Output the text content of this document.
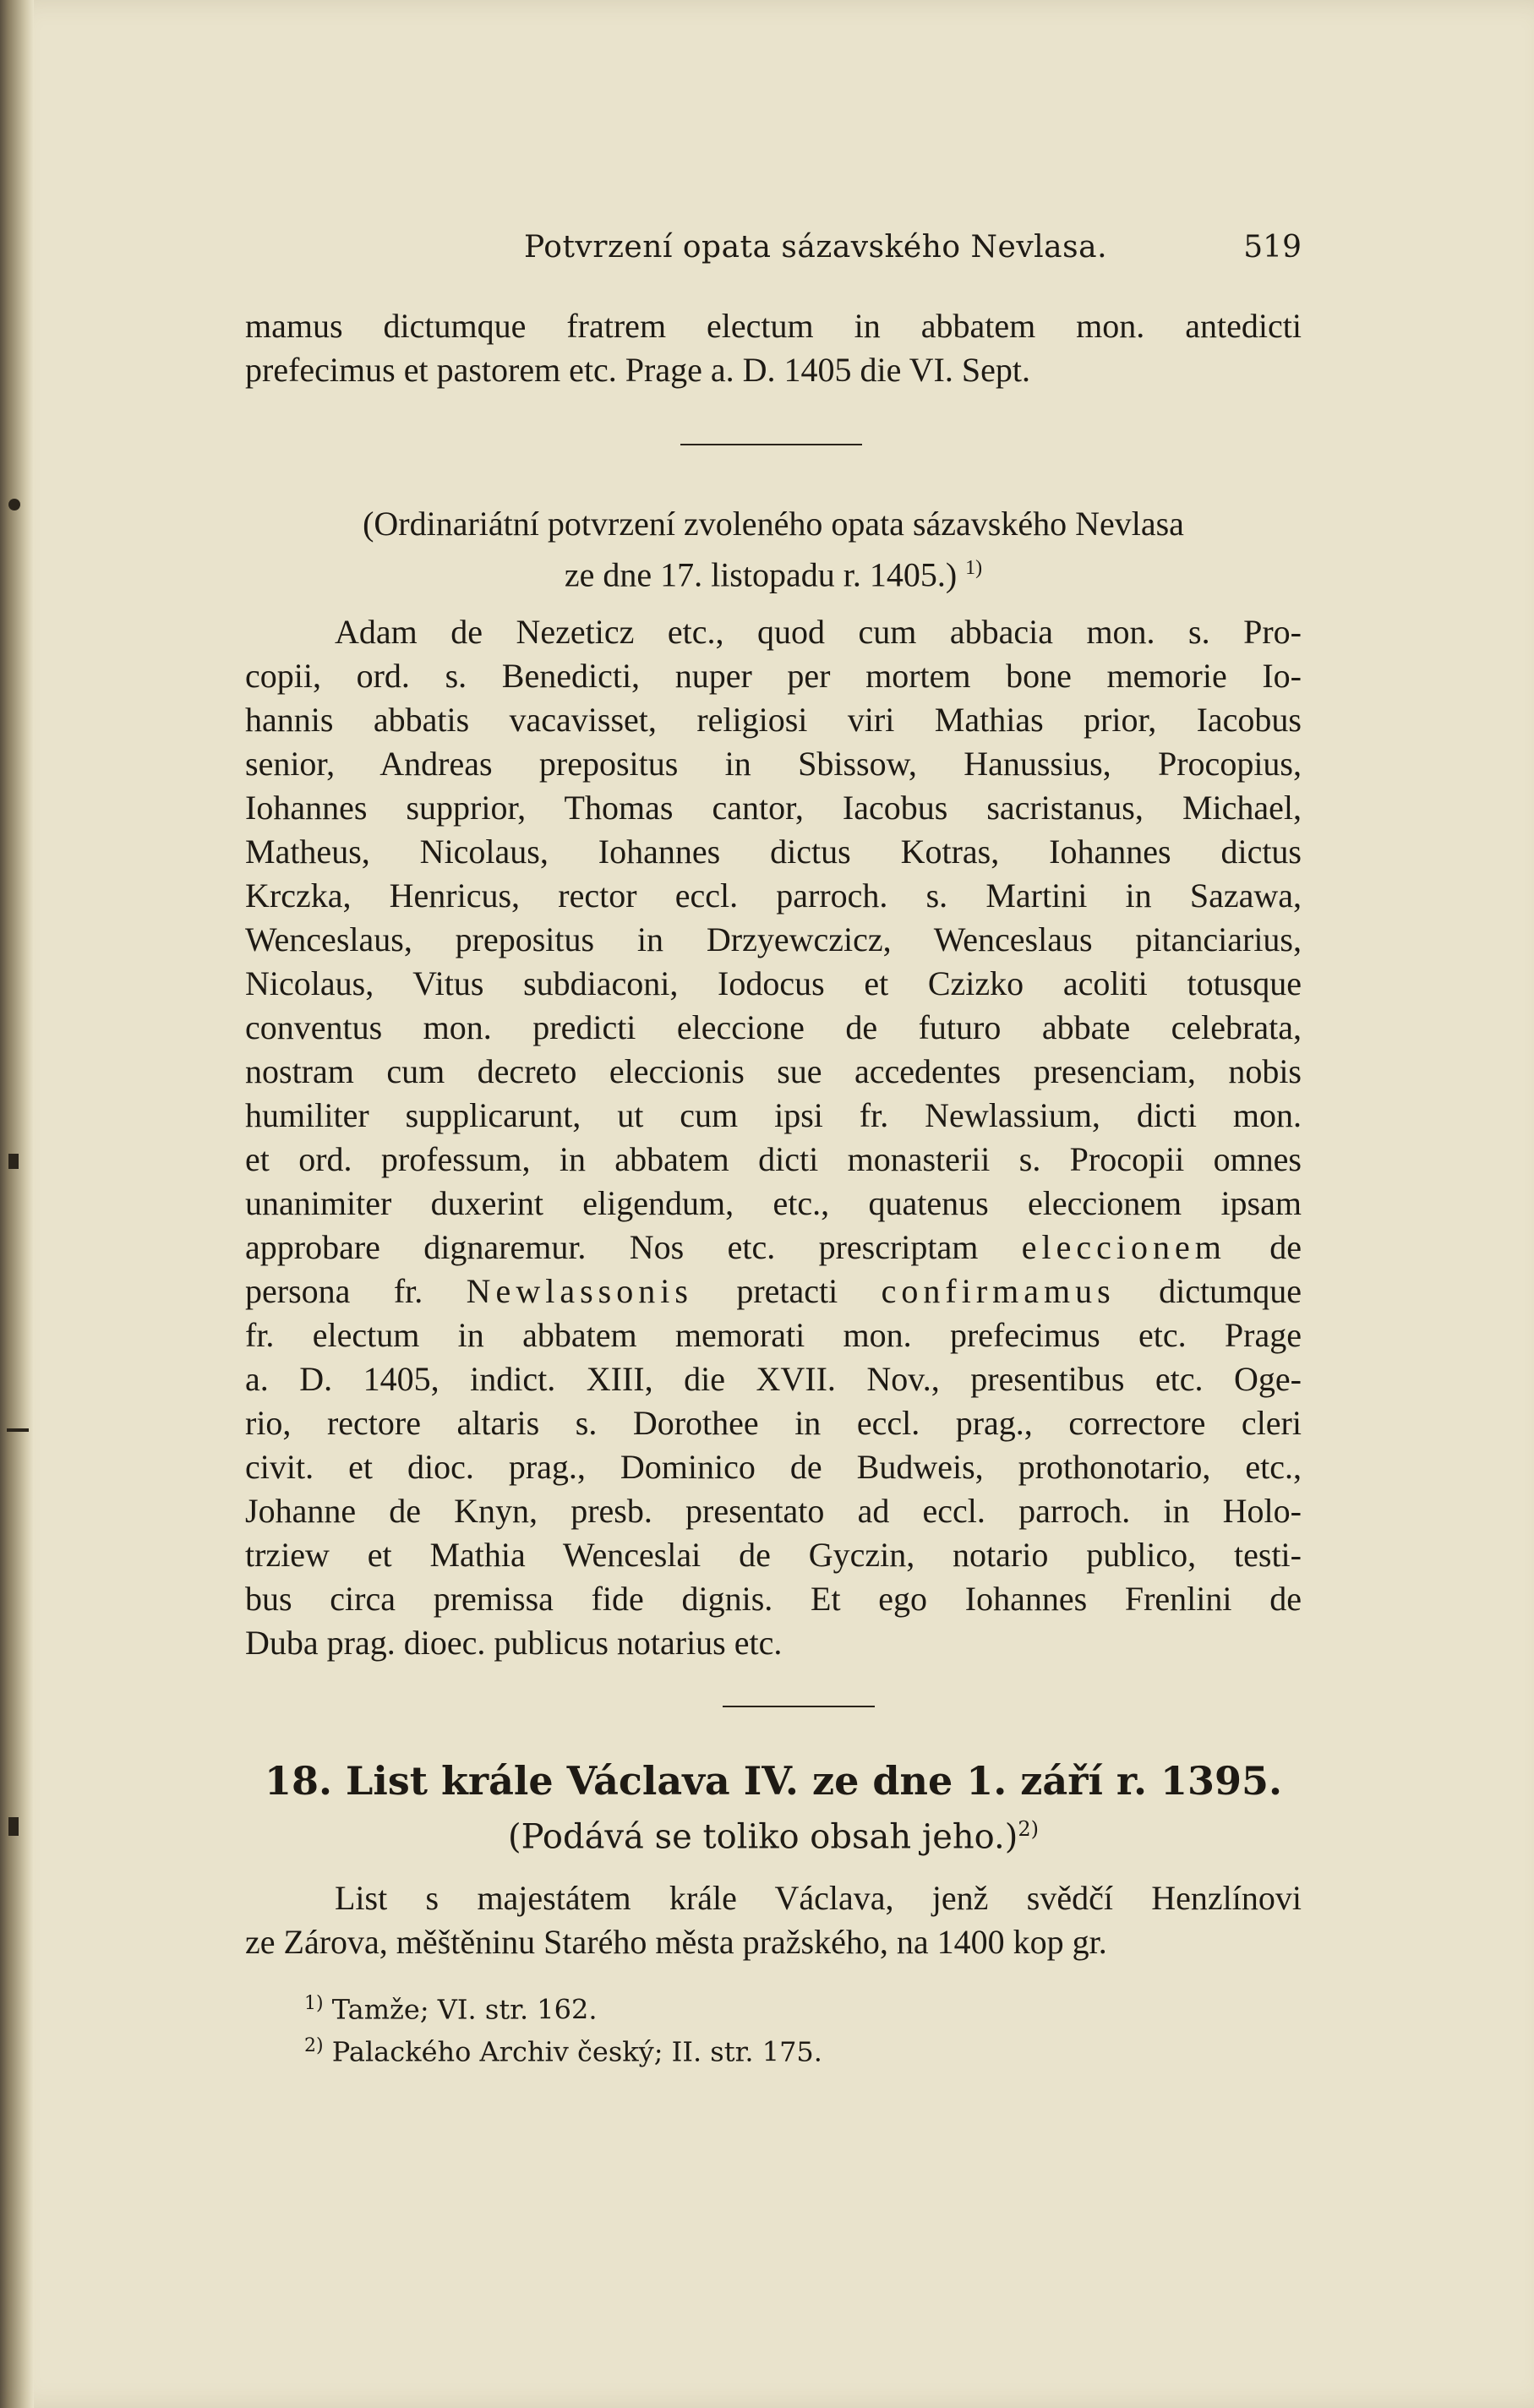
Potvrzení opata sázavského Nevlasa.	519
mamus dictumque fratrem electum in abbatem mon. antedicti
prefecimus et pastorem etc. Prage a. D. 1405 die VI. Sept.
(Ordinariátní potvrzení zvoleného opata sázavského Nevlasa
ze dne 17. listopadu r. 1405.) $^{1)}$
Adam de Nezeticz etc., quod cum abbacia mon. s. Pro-
copii, ord. s. Benedicti, nuper per mortem bone memorie Io-
hannis abbatis vacavisset, religiosi viri Mathias prior, Iacobus
senior, Andreas prepositus in Sbissow, Hanussius, Procopius,
Iohannes supprior, Thomas cantor, Iacobus sacristanus, Michael,
Matheus, Nicolaus, Iohannes dictus Kotras, Iohannes dictus
Krczka, Henricus, rector eccl. parroch. s. Martini in Sazawa,
Wenceslaus, prepositus in Drzyewczicz, Wenceslaus pitanciarius,
Nicolaus, Vitus subdiaconi, Iodocus et Czizko acoliti totusque
conventus mon. predicti eleccione de futuro abbate celebrata,
nostram cum decreto eleccionis sue accedentes presenciam, nobis
humiliter supplicarunt, ut cum ipsi fr. Newlassium, dicti mon.
et ord. professum, in abbatem dicti monasterii s. Procopii omnes
unanimiter duxerint eligendum, etc., quatenus eleccionem ipsam
approbare dignaremur. Nos etc. prescriptam eleccionem de
persona fr. Newlassonis pretacti confirmamus dictumque
fr. electum in abbatem memorati mon. prefecimus etc. Prage
a. D. 1405, indict. XIII, die XVII. Nov., presentibus etc. Oge-
rio, rectore altaris s. Dorothee in eccl. prag., correctore cleri
civit. et dioc. prag., Dominico de Budweis, prothonotario, etc.,
Johanne de Knyn, presb. presentato ad eccl. parroch. in Holo-
trziew et Mathia Wenceslai de Gyczin, notario publico, testi-
bus circa premissa fide dignis. Et ego Iohannes Frenlini de
Duba prag. dioec. publicus notarius etc.
18. List krále Václava IV. ze dne 1. září r. 1395.
(Podává se toliko obsah jeho.)$^{2)}$
List s majestátem krále Václava, jenž svědčí Henzlínovi
ze Zárova, měštěninu Starého města pražského, na 1400 kop gr.
$^{1)}$ Tamže; VI. str. 162.
$^{2)}$ Palackého Archiv český; II. str. 175.
